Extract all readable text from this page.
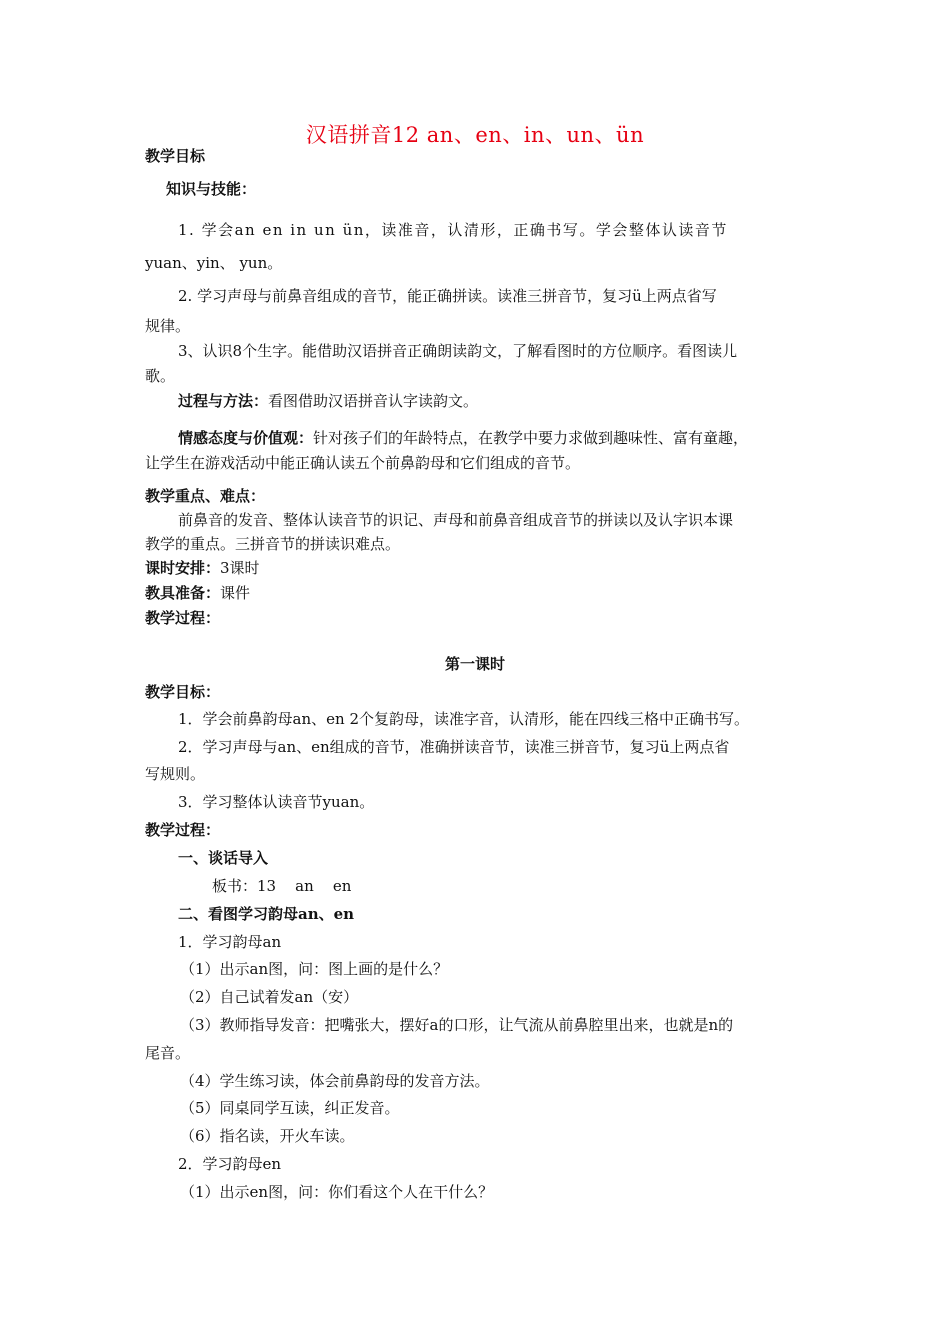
汉语拼音12 an、en、in、un、ün
教学目标
知识与技能：
1. 学会an en in un ün，读准音，认清形，正确书写。学会整体认读音节
yuan、yin、 yun。
2. 学习声母与前鼻音组成的音节，能正确拼读。读准三拼音节，复习ü上两点省写
规律。
3、认识8个生字。能借助汉语拼音正确朗读韵文，了解看图时的方位顺序。看图读儿
歌。
过程与方法：看图借助汉语拼音认字读韵文。
情感态度与价值观：针对孩子们的年龄特点，在教学中要力求做到趣味性、富有童趣，
让学生在游戏活动中能正确认读五个前鼻韵母和它们组成的音节。
教学重点、难点：
前鼻音的发音、整体认读音节的识记、声母和前鼻音组成音节的拼读以及认字识本课
教学的重点。三拼音节的拼读识难点。
课时安排：3课时
教具准备：课件
教学过程：
第一课时
教学目标：
1．学会前鼻韵母an、en 2个复韵母，读准字音，认清形，能在四线三格中正确书写。
2．学习声母与an、en组成的音节，准确拼读音节，读准三拼音节，复习ü上两点省
写规则。
3．学习整体认读音节yuan。
教学过程：
一、谈话导入
板书：13    an    en
二、看图学习韵母an、en
1．学习韵母an
（1）出示an图，问：图上画的是什么？
（2）自己试着发an（安）
（3）教师指导发音：把嘴张大，摆好a的口形，让气流从前鼻腔里出来，也就是n的
尾音。
（4）学生练习读，体会前鼻韵母的发音方法。
（5）同桌同学互读，纠正发音。
（6）指名读，开火车读。
2．学习韵母en
（1）出示en图，问：你们看这个人在干什么？
